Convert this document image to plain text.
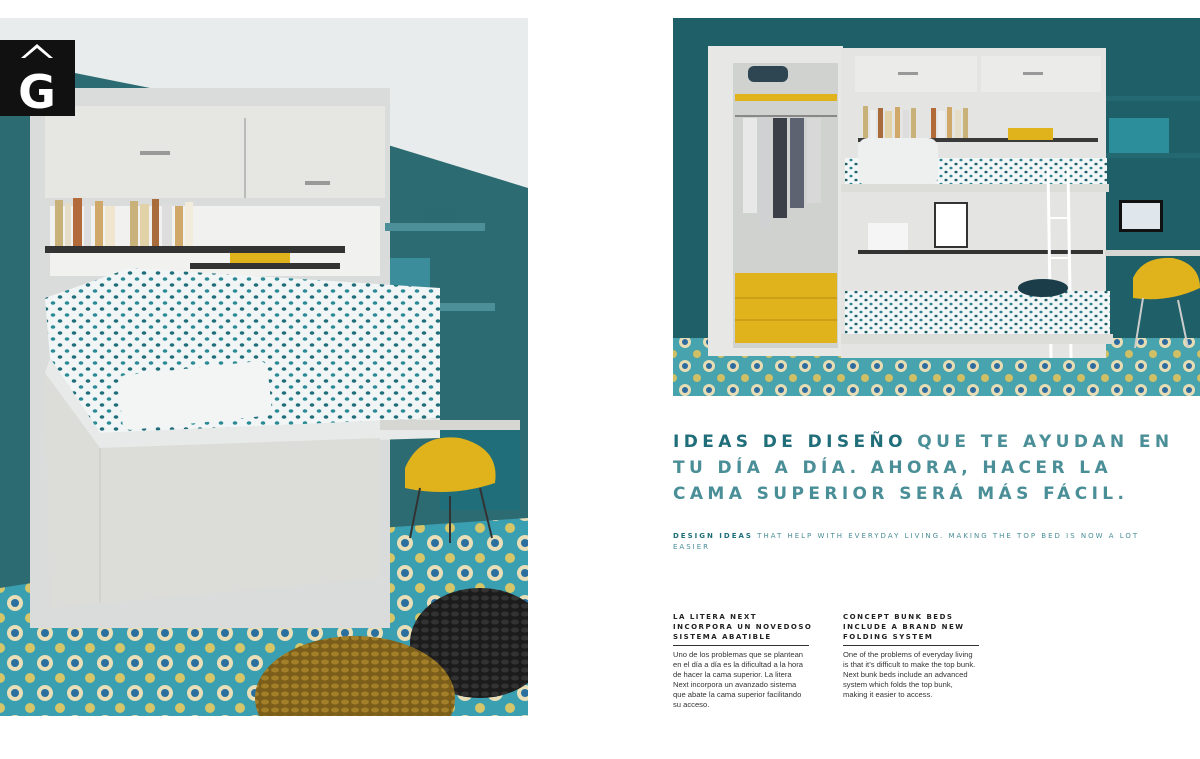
G
IDEAS DE DISEÑO QUE TE AYUDAN EN TU DÍA A DÍA. AHORA, HACER LA CAMA SUPERIOR SERÁ MÁS FÁCIL.

DESIGN IDEAS THAT HELP WITH EVERYDAY LIVING. MAKING THE TOP BED IS NOW A LOT EASIER

LA LITERA NEXT INCORPORA UN NOVEDOSO SISTEMA ABATIBLE

Uno de los problemas que se plantean en el día a día es la dificultad a la hora de hacer la cama superior. La litera Next incorpora un avanzado sistema que abate la cama superior facilitando su acceso.

CONCEPT BUNK BEDS INCLUDE A BRAND NEW FOLDING SYSTEM

One of the problems of everyday living is that it’s difficult to make the top bunk. Next bunk beds include an advanced system which folds the top bunk, making it easier to access.
